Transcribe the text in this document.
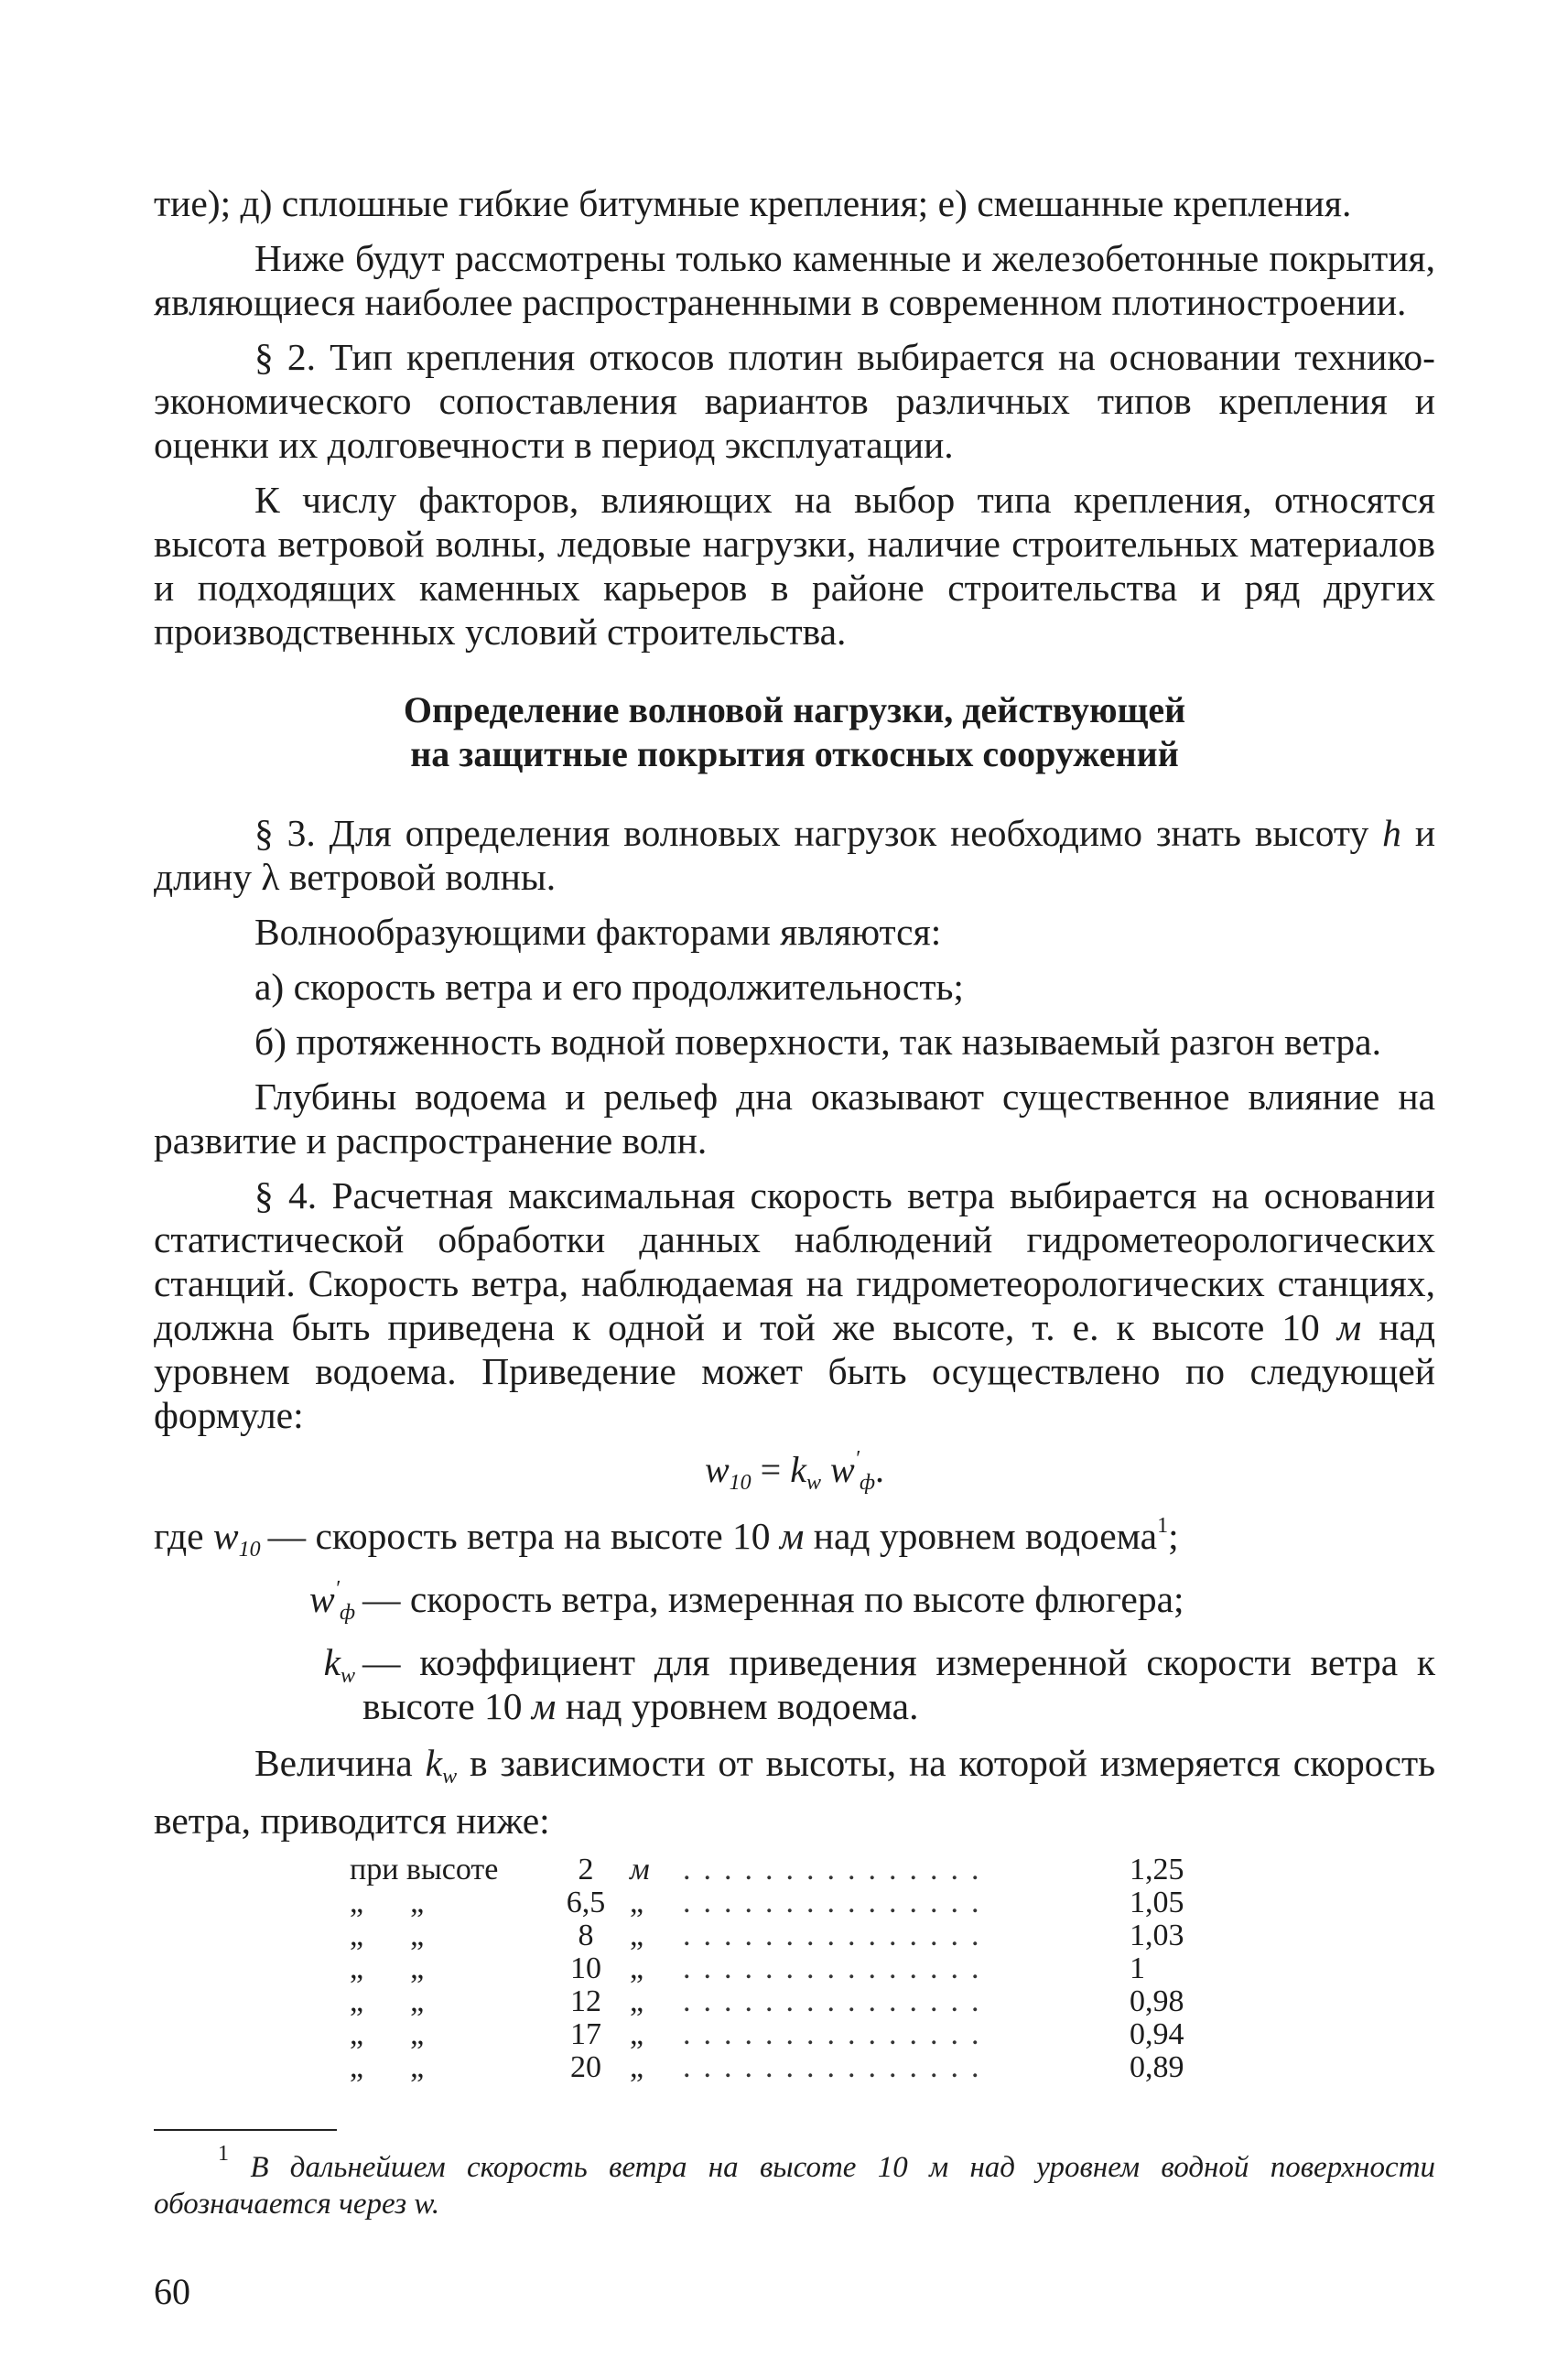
тие); д) сплошные гибкие битумные крепления; е) смешанные крепления.

Ниже будут рассмотрены только каменные и железобетонные покрытия, являющиеся наиболее распространенными в современном плотиностроении.

§ 2. Тип крепления откосов плотин выбирается на основании технико-экономического сопоставления вариантов различных типов крепления и оценки их долговечности в период эксплуатации.

К числу факторов, влияющих на выбор типа крепления, относятся высота ветровой волны, ледовые нагрузки, наличие строительных материалов и подходящих каменных карьеров в районе строительства и ряд других производственных условий строительства.

Определение волновой нагрузки, действующей
на защитные покрытия откосных сооружений

§ 3. Для определения волновых нагрузок необходимо знать высоту h и длину λ ветровой волны.

Волнообразующими факторами являются:

а) скорость ветра и его продолжительность;

б) протяженность водной поверхности, так называемый разгон ветра.

Глубины водоема и рельеф дна оказывают существенное влияние на развитие и распространение волн.

§ 4. Расчетная максимальная скорость ветра выбирается на основании статистической обработки данных наблюдений гидрометеорологических станций. Скорость ветра, наблюдаемая на гидрометеорологических станциях, должна быть приведена к одной и той же высоте, т. е. к высоте 10 м над уровнем водоема. Приведение может быть осуществлено по следующей формуле:

$w_{10} = k_w$ $w'_ф$.
где $w_{10}$ — скорость ветра на высоте 10 м над уровнем водоема$^1$;
$w'_ф$ — скорость ветра, измеренная по высоте флюгера;
$k_w$ — коэффициент для приведения измеренной скорости ветра к высоте 10 м над уровнем водоема.

Величина $k_w$ в зависимости от высоты, на которой измеряется скорость ветра, приводится ниже:

при высоте	2	м	...............	1,25
„ „	6,5	„	...............	1,05
„ „	8	„	...............	1,03
„ „	10	„	...............	1
„ „	12	„	...............	0,98
„ „	17	„	...............	0,94
„ „	20	„	...............	0,89

$^1$ В дальнейшем скорость ветра на высоте 10 м над уровнем водной поверхности обозначается через w.

60
